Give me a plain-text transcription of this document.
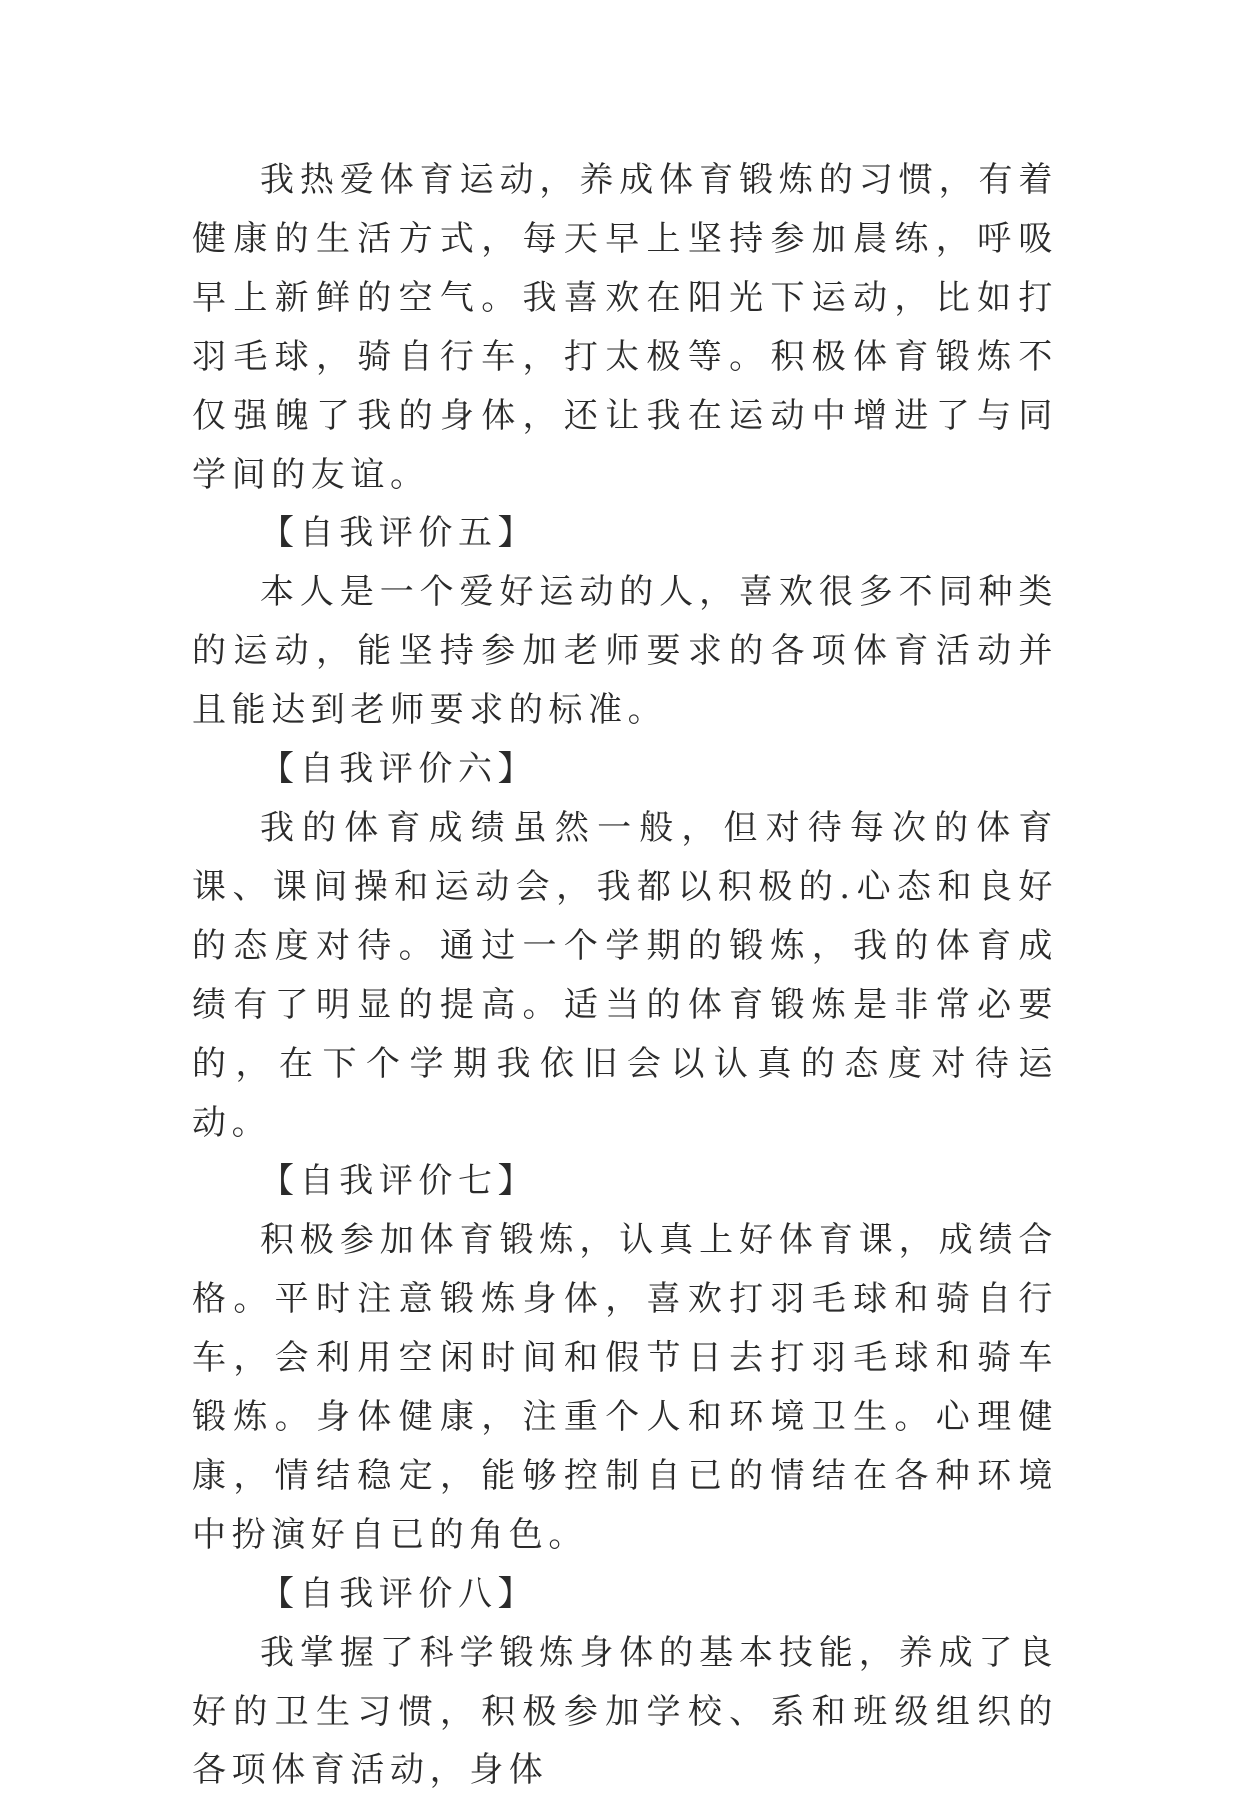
我热爱体育运动，养成体育锻炼的习惯，有着健康的生活方式，每天早上坚持参加晨练，呼吸早上新鲜的空气。我喜欢在阳光下运动，比如打羽毛球，骑自行车，打太极等。积极体育锻炼不仅强魄了我的身体，还让我在运动中增进了与同学间的友谊。

【自我评价五】

本人是一个爱好运动的人，喜欢很多不同种类的运动，能坚持参加老师要求的各项体育活动并且能达到老师要求的标准。

【自我评价六】

我的体育成绩虽然一般，但对待每次的体育课、课间操和运动会，我都以积极的.心态和良好的态度对待。通过一个学期的锻炼，我的体育成绩有了明显的提高。适当的体育锻炼是非常必要的，在下个学期我依旧会以认真的态度对待运动。

【自我评价七】

积极参加体育锻炼，认真上好体育课，成绩合格。平时注意锻炼身体，喜欢打羽毛球和骑自行车，会利用空闲时间和假节日去打羽毛球和骑车锻炼。身体健康，注重个人和环境卫生。心理健康，情结稳定，能够控制自已的情结在各种环境中扮演好自已的角色。

【自我评价八】

我掌握了科学锻炼身体的基本技能，养成了良好的卫生习惯，积极参加学校、系和班级组织的各项体育活动，身体
